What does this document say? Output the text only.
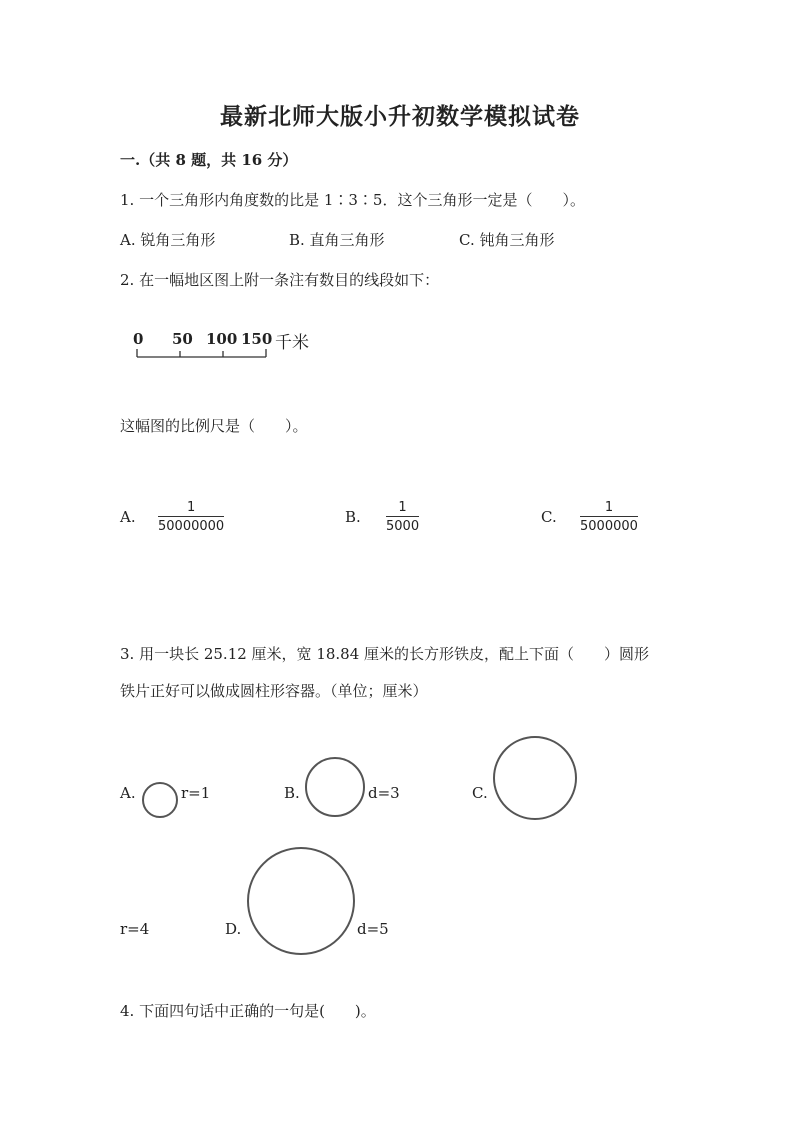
最新北师大版小升初数学模拟试卷
一.（共 8 题，共 16 分）
1. 一个三角形内角度数的比是 1∶3∶5．这个三角形一定是（　　）。
A. 锐角三角形	B. 直角三角形	C. 钝角三角形
2. 在一幅地区图上附一条注有数目的线段如下：
0 50 100 150 千米
这幅图的比例尺是（　　）。
A. $\frac{1}{50000000}$	B. $\frac{1}{5000}$	C. $\frac{1}{5000000}$
3. 用一块长 25.12 厘米，宽 18.84 厘米的长方形铁皮，配上下面（　　）圆形
铁片正好可以做成圆柱形容器。（单位；厘米）
A.	r=1	B.	d=3	C.
r=4	D.	d=5
4. 下面四句话中正确的一句是(　　)。
